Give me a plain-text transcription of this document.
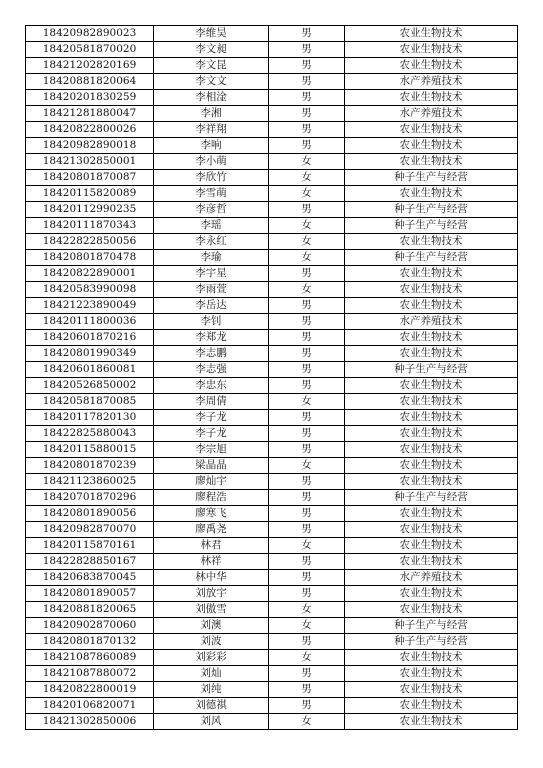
18420982890023	李维昊	男	农业生物技术
18420581870020	李文昶	男	农业生物技术
18421202820169	李文昆	男	农业生物技术
18420881820064	李文文	男	水产养殖技术
18420201830259	李相淦	男	农业生物技术
18421281880047	李湘	男	水产养殖技术
18420822800026	李祥翔	男	农业生物技术
18420982890018	李响	男	农业生物技术
18421302850001	李小萌	女	农业生物技术
18420801870087	李欣竹	女	种子生产与经营
18420115820089	李雪萌	女	农业生物技术
18420112990235	李彦哲	男	种子生产与经营
18420111870343	李瑶	女	种子生产与经营
18422822850056	李永红	女	农业生物技术
18420801870478	李瑜	女	种子生产与经营
18420822890001	李宇星	男	农业生物技术
18420583990098	李雨萱	女	农业生物技术
18421223890049	李岳达	男	农业生物技术
18420111800036	李钊	男	水产养殖技术
18420601870216	李郑龙	男	农业生物技术
18420801990349	李志鹏	男	农业生物技术
18420601860081	李志强	男	种子生产与经营
18420526850002	李忠东	男	农业生物技术
18420581870085	李周倩	女	农业生物技术
18420117820130	李子龙	男	农业生物技术
18422825880043	李子龙	男	农业生物技术
18420115880015	李宗旭	男	农业生物技术
18420801870239	梁晶晶	女	农业生物技术
18421123860025	廖灿宇	男	农业生物技术
18420701870296	廖程浩	男	种子生产与经营
18420801890056	廖寒飞	男	农业生物技术
18420982870070	廖禹尧	男	农业生物技术
18420115870161	林君	女	农业生物技术
18422828850167	林祥	男	农业生物技术
18420683870045	林中华	男	水产养殖技术
18420801890057	刘放宇	男	农业生物技术
18420881820065	刘傲雪	女	农业生物技术
18420902870060	刘澳	女	种子生产与经营
18420801870132	刘波	男	种子生产与经营
18421087860089	刘彩彩	女	农业生物技术
18421087880072	刘灿	男	农业生物技术
18420822800019	刘纯	男	农业生物技术
18420106820071	刘德祺	男	农业生物技术
18421302850006	刘风	女	农业生物技术
